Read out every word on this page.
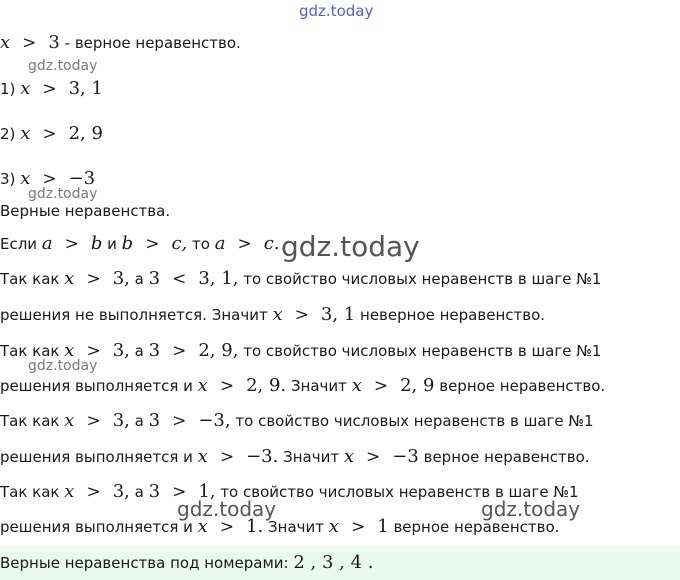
gdz.today
x > 3 - верное неравенство.
gdz.today
1) x > 3, 1
2) x > 2, 9
3) x > −3
gdz.today
Верные неравенства.
Если a > b и b > c, то a > c. gdz.today
Так как x > 3, а 3 < 3, 1, то свойство числовых неравенств в шаге №1
решения не выполняется. Значит x > 3, 1 неверное неравенство.
Так как x > 3, а 3 > 2, 9, то свойство числовых неравенств в шаге №1
gdz.today
решения выполняется и x > 2, 9. Значит x > 2, 9 верное неравенство.
Так как x > 3, а 3 > −3, то свойство числовых неравенств в шаге №1
решения выполняется и x > −3. Значит x > −3 верное неравенство.
Так как x > 3, а 3 > 1, то свойство числовых неравенств в шаге №1
gdz.today	gdz.today
решения выполняется и x > 1. Значит x > 1 верное неравенство.
Верные неравенства под номерами: 2 , 3 , 4 .
